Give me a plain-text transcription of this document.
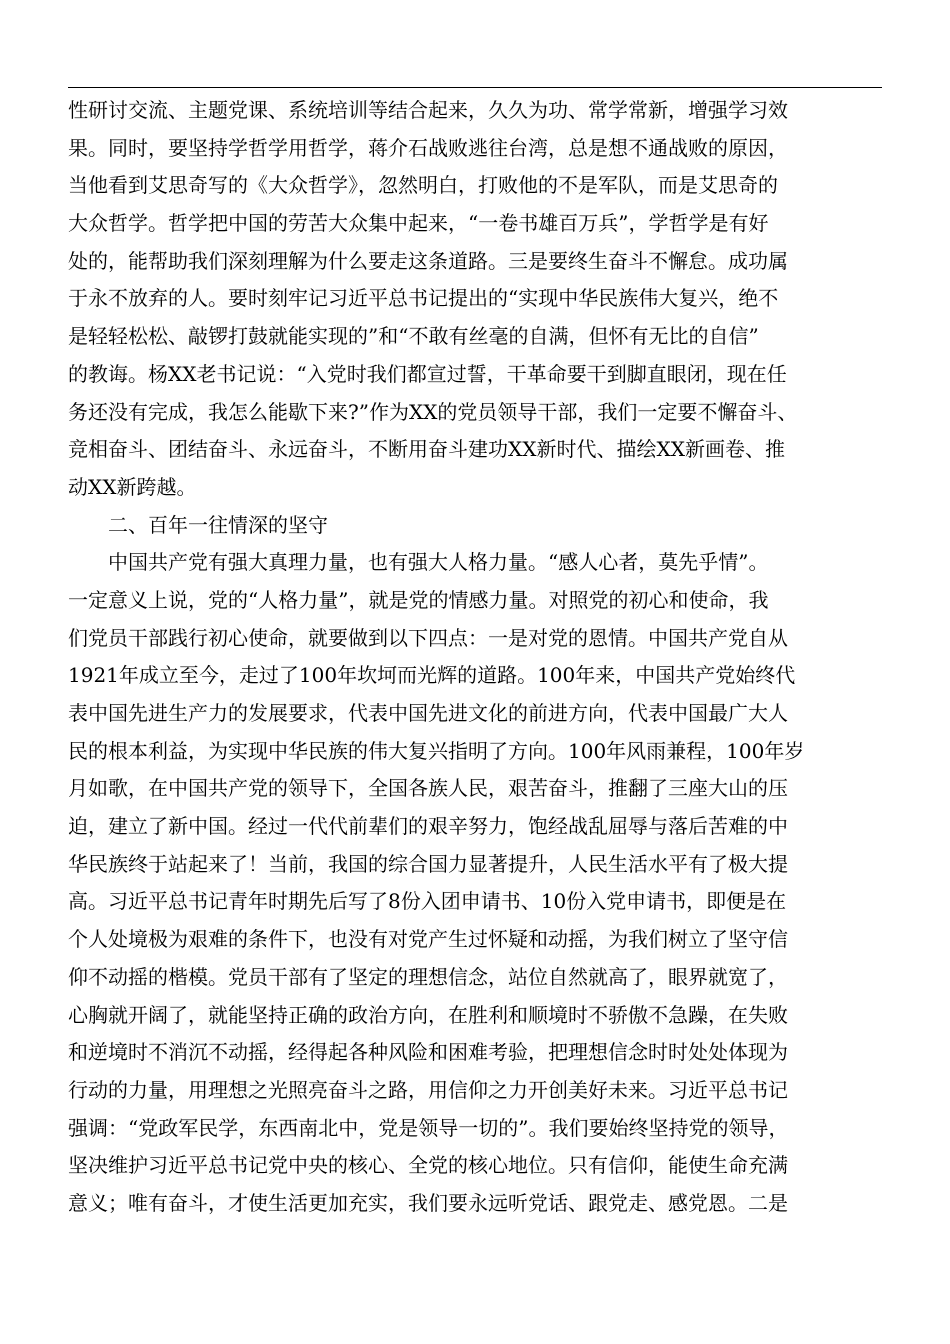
性研讨交流、主题党课、系统培训等结合起来，久久为功、常学常新，增强学习效
果。同时，要坚持学哲学用哲学，蒋介石战败逃往台湾，总是想不通战败的原因，
当他看到艾思奇写的《大众哲学》，忽然明白，打败他的不是军队，而是艾思奇的
大众哲学。哲学把中国的劳苦大众集中起来，“一卷书雄百万兵”，学哲学是有好
处的，能帮助我们深刻理解为什么要走这条道路。三是要终生奋斗不懈怠。成功属
于永不放弃的人。要时刻牢记习近平总书记提出的“实现中华民族伟大复兴，绝不
是轻轻松松、敲锣打鼓就能实现的”和“不敢有丝毫的自满，但怀有无比的自信”
的教诲。杨XX老书记说：“入党时我们都宣过誓，干革命要干到脚直眼闭，现在任
务还没有完成，我怎么能歇下来?”作为XX的党员领导干部，我们一定要不懈奋斗、
竞相奋斗、团结奋斗、永远奋斗，不断用奋斗建功XX新时代、描绘XX新画卷、推
动XX新跨越。
　　二、百年一往情深的坚守
　　中国共产党有强大真理力量，也有强大人格力量。“感人心者，莫先乎情”。
一定意义上说，党的“人格力量”，就是党的情感力量。对照党的初心和使命，我
们党员干部践行初心使命，就要做到以下四点：一是对党的恩情。中国共产党自从
1921年成立至今，走过了100年坎坷而光辉的道路。100年来，中国共产党始终代
表中国先进生产力的发展要求，代表中国先进文化的前进方向，代表中国最广大人
民的根本利益，为实现中华民族的伟大复兴指明了方向。100年风雨兼程，100年岁
月如歌，在中国共产党的领导下，全国各族人民，艰苦奋斗，推翻了三座大山的压
迫，建立了新中国。经过一代代前辈们的艰辛努力，饱经战乱屈辱与落后苦难的中
华民族终于站起来了！当前，我国的综合国力显著提升，人民生活水平有了极大提
高。习近平总书记青年时期先后写了8份入团申请书、10份入党申请书，即便是在
个人处境极为艰难的条件下，也没有对党产生过怀疑和动摇，为我们树立了坚守信
仰不动摇的楷模。党员干部有了坚定的理想信念，站位自然就高了，眼界就宽了，
心胸就开阔了，就能坚持正确的政治方向，在胜利和顺境时不骄傲不急躁，在失败
和逆境时不消沉不动摇，经得起各种风险和困难考验，把理想信念时时处处体现为
行动的力量，用理想之光照亮奋斗之路，用信仰之力开创美好未来。习近平总书记
强调：“党政军民学，东西南北中，党是领导一切的”。我们要始终坚持党的领导，
坚决维护习近平总书记党中央的核心、全党的核心地位。只有信仰，能使生命充满
意义；唯有奋斗，才使生活更加充实，我们要永远听党话、跟党走、感党恩。二是
